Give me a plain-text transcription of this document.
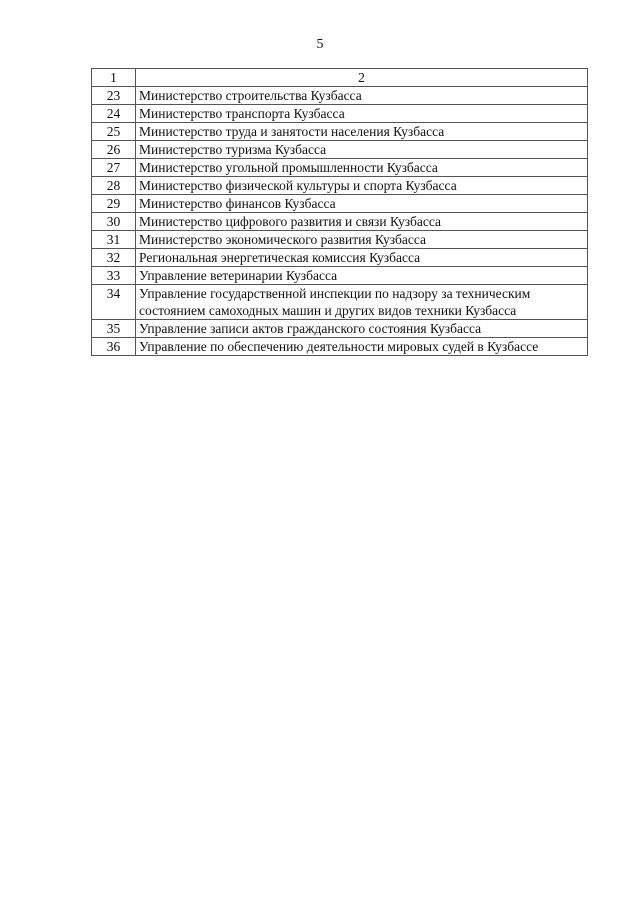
5
1	2
23	Министерство строительства Кузбасса
24	Министерство транспорта Кузбасса
25	Министерство труда и занятости населения Кузбасса
26	Министерство туризма Кузбасса
27	Министерство угольной промышленности Кузбасса
28	Министерство физической культуры и спорта Кузбасса
29	Министерство финансов Кузбасса
30	Министерство цифрового развития и связи Кузбасса
31	Министерство экономического развития Кузбасса
32	Региональная энергетическая комиссия Кузбасса
33	Управление ветеринарии Кузбасса
34	Управление государственной инспекции по надзору за техническим состоянием самоходных машин и других видов техники Кузбасса
35	Управление записи актов гражданского состояния Кузбасса
36	Управление по обеспечению деятельности мировых судей в Кузбассе
